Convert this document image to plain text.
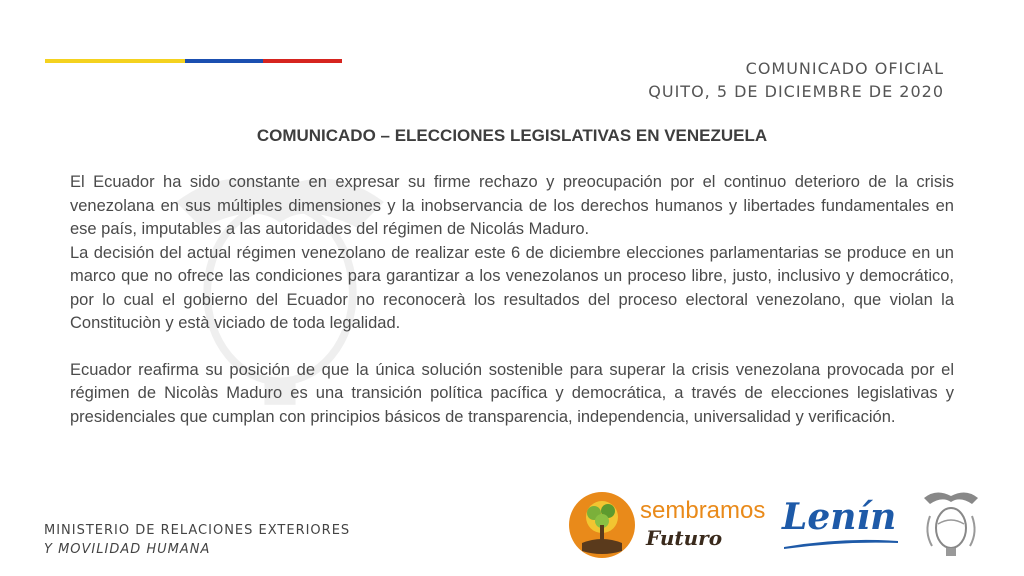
COMUNICADO OFICIAL
QUITO, 5 DE DICIEMBRE DE 2020
COMUNICADO – ELECCIONES LEGISLATIVAS EN VENEZUELA

El Ecuador ha sido constante en expresar su firme rechazo y preocupación por el continuo deterioro de la crisis venezolana en sus múltiples dimensiones y la inobservancia de los derechos humanos y libertades fundamentales en ese país, imputables a las autoridades del régimen de Nicolás Maduro.

La decisión del actual régimen venezolano de realizar este 6 de diciembre elecciones parlamentarias se produce en un marco que no ofrece las condiciones para garantizar a los venezolanos un proceso libre, justo, inclusivo y democrático, por lo cual el gobierno del Ecuador no reconocerà los resultados del proceso electoral venezolano, que violan la Constituciòn y està viciado de toda legalidad.

Ecuador reafirma su posición de que la única solución sostenible para superar la crisis venezolana provocada por el régimen de Nicolàs Maduro es una transición política pacífica y democrática, a través de elecciones legislativas y presidenciales que cumplan con principios básicos de transparencia, independencia, universalidad y verificación.

MINISTERIO DE RELACIONES EXTERIORES
Y MOVILIDAD HUMANA
sembramos
Futuro Lenín
